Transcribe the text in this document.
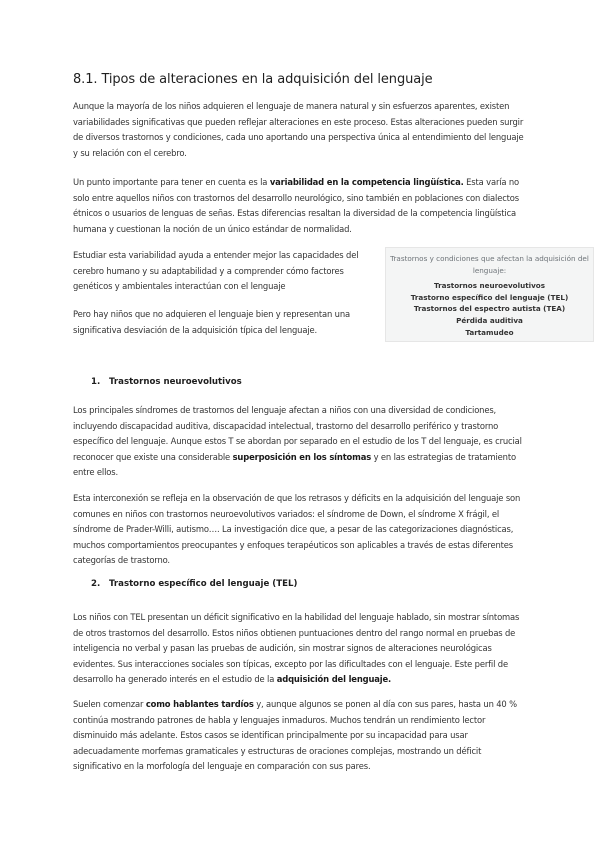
8.1. Tipos de alteraciones en la adquisición del lenguaje

Aunque la mayoría de los niños adquieren el lenguaje de manera natural y sin esfuerzos aparentes, existen variabilidades significativas que pueden reflejar alteraciones en este proceso. Estas alteraciones pueden surgir de diversos trastornos y condiciones, cada uno aportando una perspectiva única al entendimiento del lenguaje y su relación con el cerebro.

Un punto importante para tener en cuenta es la variabilidad en la competencia lingüística. Esta varía no solo entre aquellos niños con trastornos del desarrollo neurológico, sino también en poblaciones con dialectos étnicos o usuarios de lenguas de señas. Estas diferencias resaltan la diversidad de la competencia lingüística humana y cuestionan la noción de un único estándar de normalidad.

Estudiar esta variabilidad ayuda a entender mejor las capacidades del cerebro humano y su adaptabilidad y a comprender cómo factores genéticos y ambientales interactúan con el lenguaje

Pero hay niños que no adquieren el lenguaje bien y representan una significativa desviación de la adquisición típica del lenguaje.

Trastornos y condiciones que afectan la adquisición del lenguaje:
Trastornos neuroevolutivos
Trastorno específico del lenguaje (TEL)
Trastornos del espectro autista (TEA)
Pérdida auditiva
Tartamudeo
1. Trastornos neuroevolutivos

Los principales síndromes de trastornos del lenguaje afectan a niños con una diversidad de condiciones, incluyendo discapacidad auditiva, discapacidad intelectual, trastorno del desarrollo periférico y trastorno específico del lenguaje. Aunque estos T se abordan por separado en el estudio de los T del lenguaje, es crucial reconocer que existe una considerable superposición en los síntomas y en las estrategias de tratamiento entre ellos.

Esta interconexión se refleja en la observación de que los retrasos y déficits en la adquisición del lenguaje son comunes en niños con trastornos neuroevolutivos variados: el síndrome de Down, el síndrome X frágil, el síndrome de Prader-Willi, autismo…. La investigación dice que, a pesar de las categorizaciones diagnósticas, muchos comportamientos preocupantes y enfoques terapéuticos son aplicables a través de estas diferentes categorías de trastorno.

2. Trastorno específico del lenguaje (TEL)

Los niños con TEL presentan un déficit significativo en la habilidad del lenguaje hablado, sin mostrar síntomas de otros trastornos del desarrollo. Estos niños obtienen puntuaciones dentro del rango normal en pruebas de inteligencia no verbal y pasan las pruebas de audición, sin mostrar signos de alteraciones neurológicas evidentes. Sus interacciones sociales son típicas, excepto por las dificultades con el lenguaje. Este perfil de desarrollo ha generado interés en el estudio de la adquisición del lenguaje.

Suelen comenzar como hablantes tardíos y, aunque algunos se ponen al día con sus pares, hasta un 40 % continúa mostrando patrones de habla y lenguajes inmaduros. Muchos tendrán un rendimiento lector disminuido más adelante. Estos casos se identifican principalmente por su incapacidad para usar adecuadamente morfemas gramaticales y estructuras de oraciones complejas, mostrando un déficit significativo en la morfología del lenguaje en comparación con sus pares.
